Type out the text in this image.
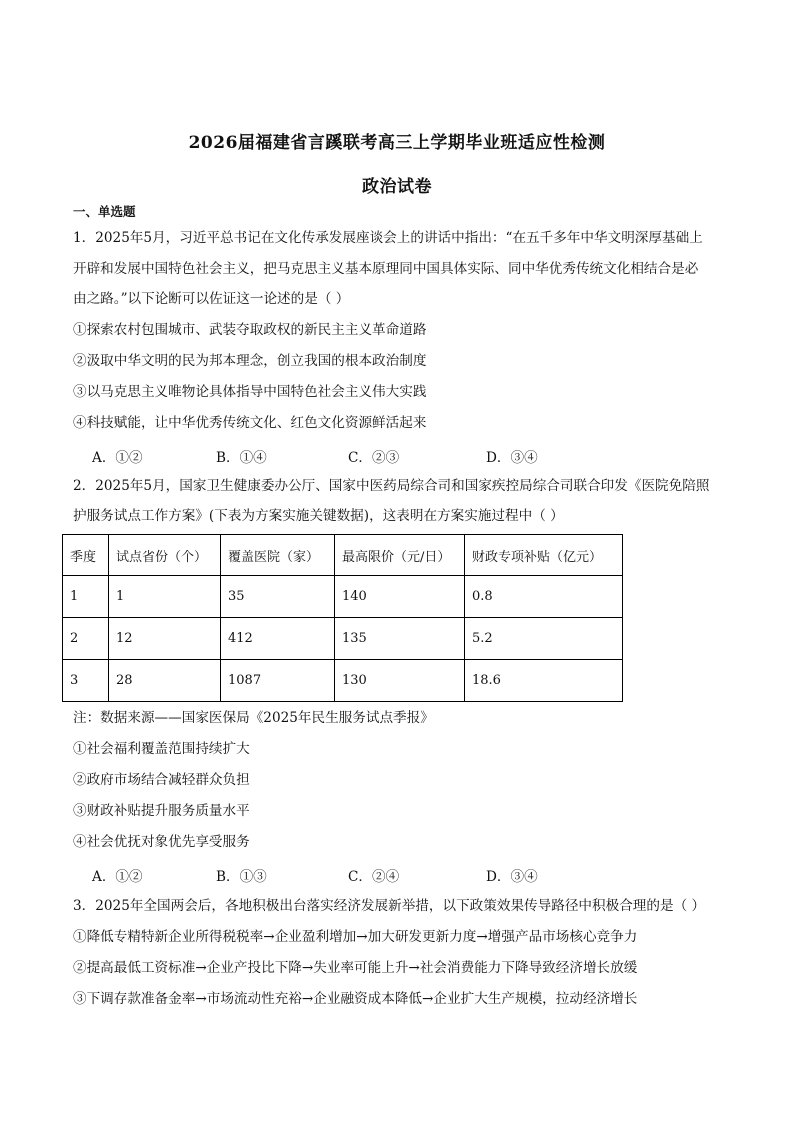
2026届福建省言蹊联考高三上学期毕业班适应性检测
政治试卷
一、单选题
1．2025年5月，习近平总书记在文化传承发展座谈会上的讲话中指出：“在五千多年中华文明深厚基础上
开辟和发展中国特色社会主义，把马克思主义基本原理同中国具体实际、同中华优秀传统文化相结合是必
由之路。”以下论断可以佐证这一论述的是（ ）
①探索农村包围城市、武装夺取政权的新民主主义革命道路
②汲取中华文明的民为邦本理念，创立我国的根本政治制度
③以马克思主义唯物论具体指导中国特色社会主义伟大实践
④科技赋能，让中华优秀传统文化、红色文化资源鲜活起来
A．①②	B．①④	C．②③	D．③④
2．2025年5月，国家卫生健康委办公厅、国家中医药局综合司和国家疾控局综合司联合印发《医院免陪照
护服务试点工作方案》(下表为方案实施关键数据)，这表明在方案实施过程中（ ）
季度	试点省份（个）	覆盖医院（家）	最高限价（元/日）	财政专项补贴（亿元）
1	1	35	140	0.8
2	12	412	135	5.2
3	28	1087	130	18.6
注：数据来源——国家医保局《2025年民生服务试点季报》
①社会福利覆盖范围持续扩大
②政府市场结合减轻群众负担
③财政补贴提升服务质量水平
④社会优抚对象优先享受服务
A．①②	B．①③	C．②④	D．③④
3．2025年全国两会后，各地积极出台落实经济发展新举措，以下政策效果传导路径中积极合理的是（ ）
①降低专精特新企业所得税税率→企业盈利增加→加大研发更新力度→增强产品市场核心竞争力
②提高最低工资标准→企业产投比下降→失业率可能上升→社会消费能力下降导致经济增长放缓
③下调存款准备金率→市场流动性充裕→企业融资成本降低→企业扩大生产规模，拉动经济增长
